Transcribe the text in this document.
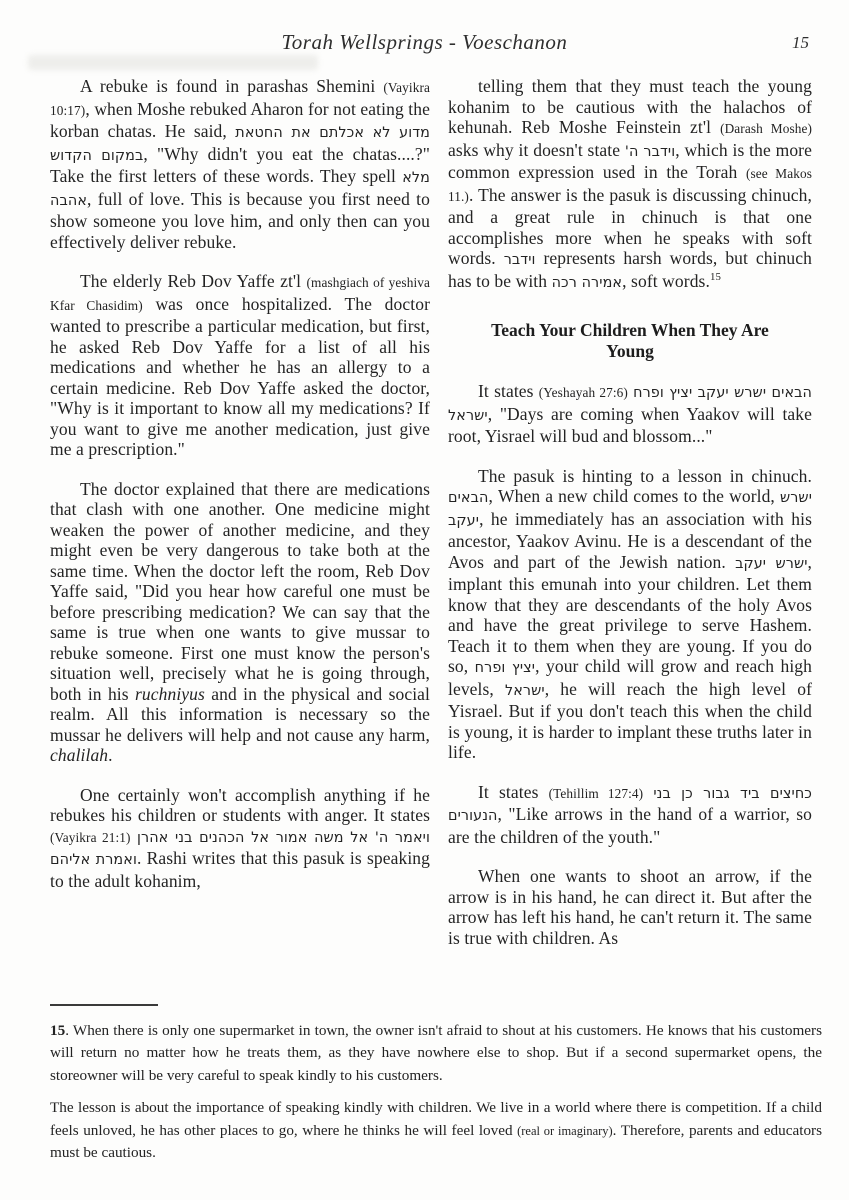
Torah Wellsprings - Voeschanon	15

A rebuke is found in parashas Shemini (Vayikra 10:17), when Moshe rebuked Aharon for not eating the korban chatas. He said, מדוע לא אכלתם את החטאת במקום הקדוש, "Why didn't you eat the chatas....?" Take the first letters of these words. They spell מלא אהבה, full of love. This is because you first need to show someone you love him, and only then can you effectively deliver rebuke.

The elderly Reb Dov Yaffe zt'l (mashgiach of yeshiva Kfar Chasidim) was once hospitalized. The doctor wanted to prescribe a particular medication, but first, he asked Reb Dov Yaffe for a list of all his medications and whether he has an allergy to a certain medicine. Reb Dov Yaffe asked the doctor, "Why is it important to know all my medications? If you want to give me another medication, just give me a prescription."

The doctor explained that there are medications that clash with one another. One medicine might weaken the power of another medicine, and they might even be very dangerous to take both at the same time. When the doctor left the room, Reb Dov Yaffe said, "Did you hear how careful one must be before prescribing medication? We can say that the same is true when one wants to give mussar to rebuke someone. First one must know the person's situation well, precisely what he is going through, both in his ruchniyus and in the physical and social realm. All this information is necessary so the mussar he delivers will help and not cause any harm, chalilah.

One certainly won't accomplish anything if he rebukes his children or students with anger. It states (Vayikra 21:1) ויאמר ה' אל משה אמור אל הכהנים בני אהרן ואמרת אליהם. Rashi writes that this pasuk is speaking to the adult kohanim,

telling them that they must teach the young kohanim to be cautious with the halachos of kehunah. Reb Moshe Feinstein zt'l (Darash Moshe) asks why it doesn't state וידבר ה', which is the more common expression used in the Torah (see Makos 11.). The answer is the pasuk is discussing chinuch, and a great rule in chinuch is that one accomplishes more when he speaks with soft words. וידבר represents harsh words, but chinuch has to be with אמירה רכה, soft words.$^{15}$

Teach Your Children When They Are Young

It states (Yeshayah 27:6) הבאים ישרש יעקב יציץ ופרח ישראל, "Days are coming when Yaakov will take root, Yisrael will bud and blossom..."

The pasuk is hinting to a lesson in chinuch. הבאים, When a new child comes to the world, ישרש יעקב, he immediately has an association with his ancestor, Yaakov Avinu. He is a descendant of the Avos and part of the Jewish nation. ישרש יעקב, implant this emunah into your children. Let them know that they are descendants of the holy Avos and have the great privilege to serve Hashem. Teach it to them when they are young. If you do so, יציץ ופרח, your child will grow and reach high levels, ישראל, he will reach the high level of Yisrael. But if you don't teach this when the child is young, it is harder to implant these truths later in life.

It states (Tehillim 127:4) כחיצים ביד גבור כן בני הנעורים, "Like arrows in the hand of a warrior, so are the children of the youth."

When one wants to shoot an arrow, if the arrow is in his hand, he can direct it. But after the arrow has left his hand, he can't return it. The same is true with children. As

15. When there is only one supermarket in town, the owner isn't afraid to shout at his customers. He knows that his customers will return no matter how he treats them, as they have nowhere else to shop. But if a second supermarket opens, the storeowner will be very careful to speak kindly to his customers.

The lesson is about the importance of speaking kindly with children. We live in a world where there is competition. If a child feels unloved, he has other places to go, where he thinks he will feel loved (real or imaginary). Therefore, parents and educators must be cautious.
